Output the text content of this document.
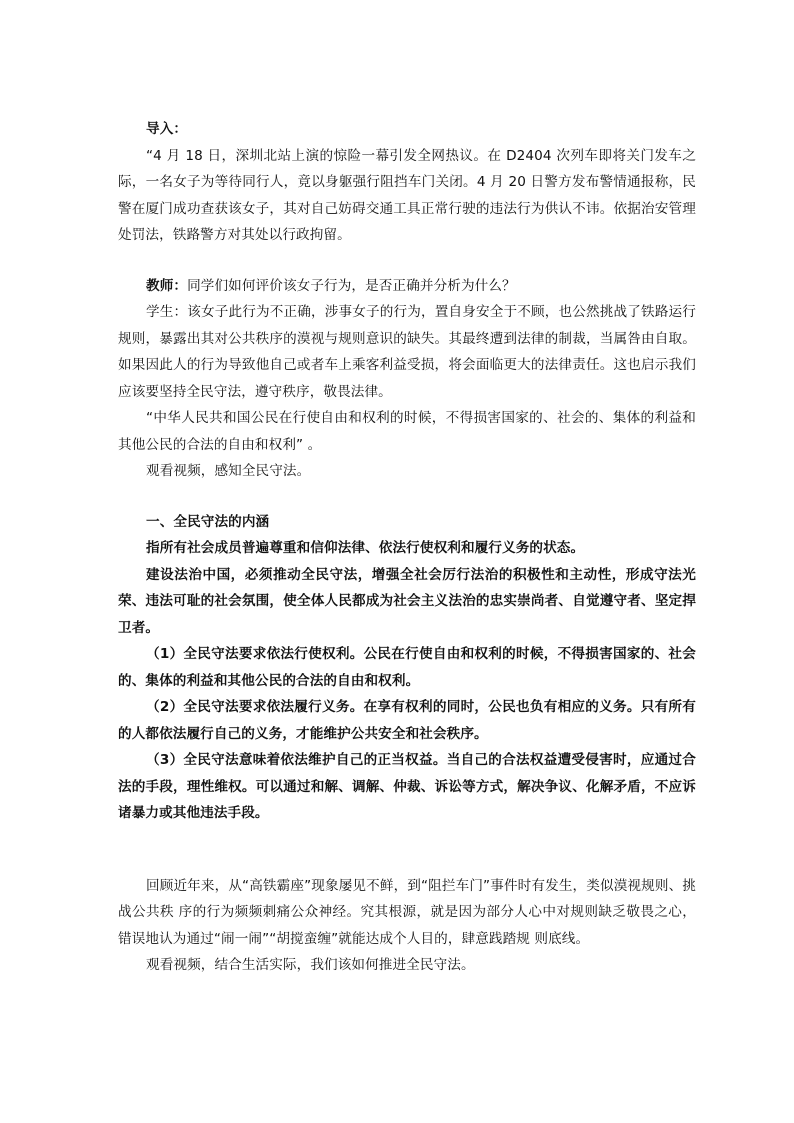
导入：

“4 月 18 日，深圳北站上演的惊险一幕引发全网热议。在 D2404 次列车即将关门发车之际，一名女子为等待同行人，竟以身躯强行阻挡车门关闭。4 月 20 日警方发布警情通报称，民警在厦门成功查获该女子，其对自己妨碍交通工具正常行驶的违法行为供认不讳。依据治安管理处罚法，铁路警方对其处以行政拘留。

教师：同学们如何评价该女子行为，是否正确并分析为什么？

学生：该女子此行为不正确，涉事女子的行为，置自身安全于不顾，也公然挑战了铁路运行规则，暴露出其对公共秩序的漠视与规则意识的缺失。其最终遭到法律的制裁，当属咎由自取。如果因此人的行为导致他自己或者车上乘客利益受损，将会面临更大的法律责任。这也启示我们应该要坚持全民守法，遵守秩序，敬畏法律。

“中华人民共和国公民在行使自由和权利的时候，不得损害国家的、社会的、集体的利益和其他公民的合法的自由和权利” 。

观看视频，感知全民守法。

一、全民守法的内涵

指所有社会成员普遍尊重和信仰法律、依法行使权利和履行义务的状态。

建设法治中国，必须推动全民守法，增强全社会厉行法治的积极性和主动性，形成守法光荣、违法可耻的社会氛围，使全体人民都成为社会主义法治的忠实崇尚者、自觉遵守者、坚定捍卫者。

（1）全民守法要求依法行使权利。公民在行使自由和权利的时候，不得损害国家的、社会的、集体的利益和其他公民的合法的自由和权利。

（2）全民守法要求依法履行义务。在享有权利的同时，公民也负有相应的义务。只有所有的人都依法履行自己的义务，才能维护公共安全和社会秩序。

（3）全民守法意味着依法维护自己的正当权益。当自己的合法权益遭受侵害时，应通过合法的手段，理性维权。可以通过和解、调解、仲裁、诉讼等方式，解决争议、化解矛盾，不应诉诸暴力或其他违法手段。

回顾近年来，从“高铁霸座”现象屡见不鲜，到“阻拦车门”事件时有发生，类似漠视规则、挑战公共秩 序的行为频频刺痛公众神经。究其根源，就是因为部分人心中对规则缺乏敬畏之心，错误地认为通过“闹一闹”“胡搅蛮缠”就能达成个人目的，肆意践踏规 则底线。

观看视频，结合生活实际，我们该如何推进全民守法。
